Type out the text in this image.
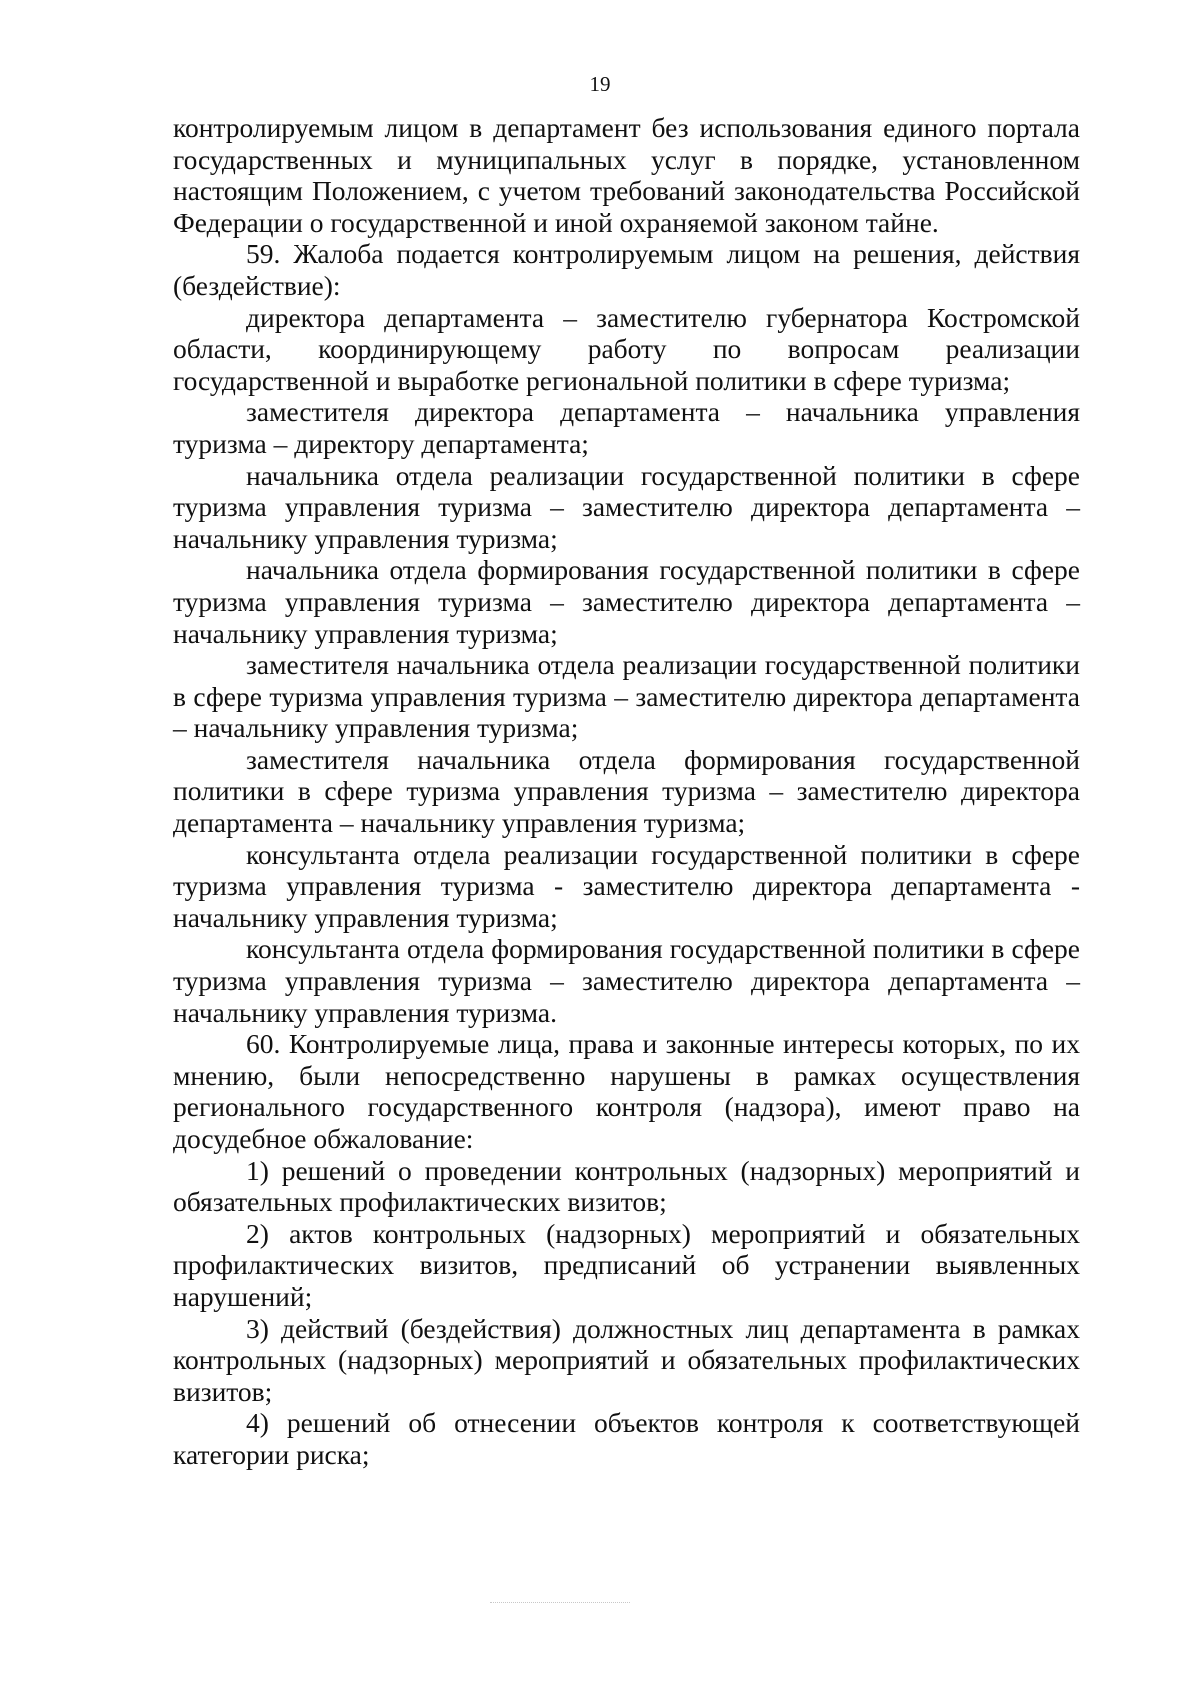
19

контролируемым лицом в департамент без использования единого портала государственных и муниципальных услуг в порядке, установленном настоящим Положением, с учетом требований законодательства Российской Федерации о государственной и иной охраняемой законом тайне.

59. Жалоба подается контролируемым лицом на решения, действия (бездействие):

директора департамента – заместителю губернатора Костромской области, координирующему работу по вопросам реализации государственной и выработке региональной политики в сфере туризма;

заместителя директора департамента – начальника управления туризма – директору департамента;

начальника отдела реализации государственной политики в сфере туризма управления туризма – заместителю директора департамента – начальнику управления туризма;

начальника отдела формирования государственной политики в сфере туризма управления туризма – заместителю директора департамента – начальнику управления туризма;

заместителя начальника отдела реализации государственной политики в сфере туризма управления туризма – заместителю директора департамента – начальнику управления туризма;

заместителя начальника отдела формирования государственной политики в сфере туризма управления туризма – заместителю директора департамента – начальнику управления туризма;

консультанта отдела реализации государственной политики в сфере туризма управления туризма - заместителю директора департамента - начальнику управления туризма;

консультанта отдела формирования государственной политики в сфере туризма управления туризма – заместителю директора департамента – начальнику управления туризма.

60. Контролируемые лица, права и законные интересы которых, по их мнению, были непосредственно нарушены в рамках осуществления регионального государственного контроля (надзора), имеют право на досудебное обжалование:

1) решений о проведении контрольных (надзорных) мероприятий и обязательных профилактических визитов;

2) актов контрольных (надзорных) мероприятий и обязательных профилактических визитов, предписаний об устранении выявленных нарушений;

3) действий (бездействия) должностных лиц департамента в рамках контрольных (надзорных) мероприятий и обязательных профилактических визитов;

4) решений об отнесении объектов контроля к соответствующей категории риска;
